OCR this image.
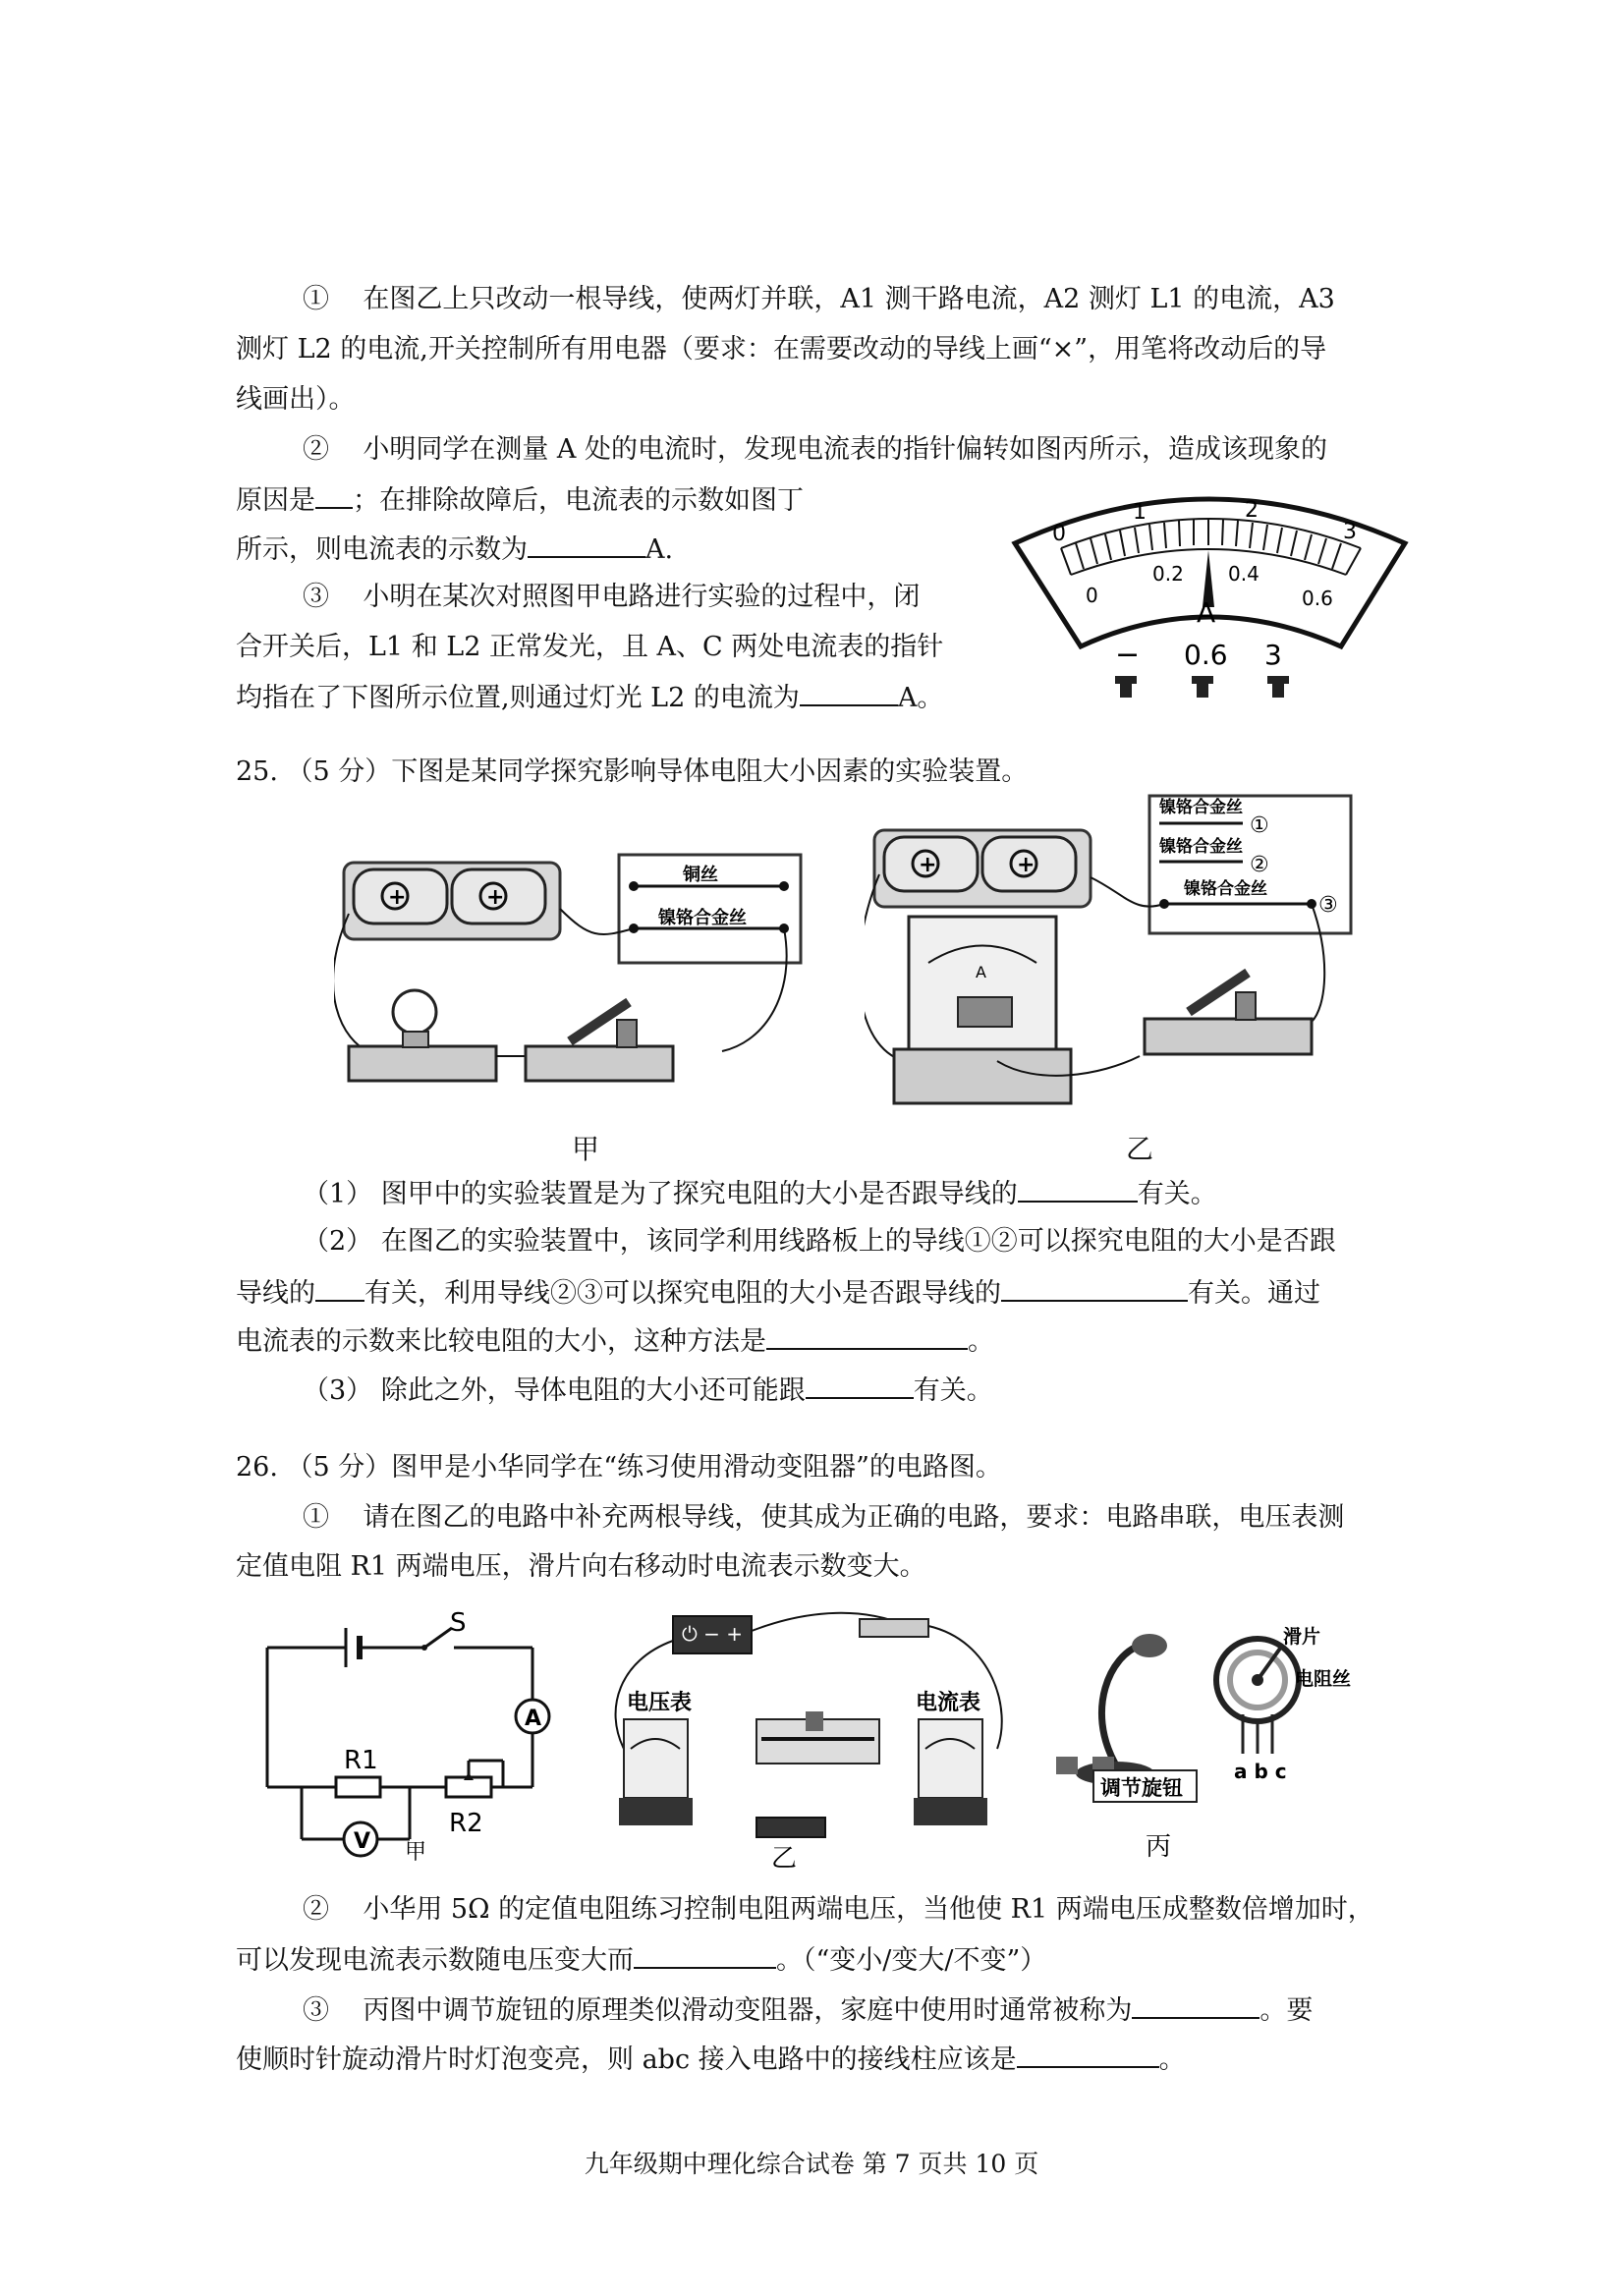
① 在图乙上只改动一根导线，使两灯并联，A1 测干路电流，A2 测灯 L1 的电流，A3
测灯 L2 的电流,开关控制所有用电器（要求：在需要改动的导线上画“×”，用笔将改动后的导
线画出）。
② 小明同学在测量 A 处的电流时，发现电流表的指针偏转如图丙所示，造成该现象的
原因是 ；在排除故障后，电流表的示数如图丁
所示，则电流表的示数为	A.
③ 小明在某次对照图甲电路进行实验的过程中，闭
合开关后，L1 和 L2 正常发光，且 A、C 两处电流表的指针
均指在了下图所示位置,则通过灯光 L2 的电流为	A。
0
1	2
3
0
0.2 0.4
0.6
A
− 0.6 3
25. （5 分）下图是某同学探究影响导体电阻大小因素的实验装置。
+	+
铜丝
镍铬合金丝
甲
+	+
镍铬合金丝
①
镍铬合金丝
②
镍铬合金丝
③
A
乙
（1） 图甲中的实验装置是为了探究电阻的大小是否跟导线的	有关。
（2） 在图乙的实验装置中，该同学利用线路板上的导线①②可以探究电阻的大小是否跟
导线的 有关，利用导线②③可以探究电阻的大小是否跟导线的	有关。通过
电流表的示数来比较电阻的大小，这种方法是	。
（3） 除此之外，导体电阻的大小还可能跟	有关。
26. （5 分）图甲是小华同学在“练习使用滑动变阻器”的电路图。
① 请在图乙的电路中补充两根导线，使其成为正确的电路，要求：电路串联，电压表测
定值电阻 R1 两端电压，滑片向右移动时电流表示数变大。
S
A
R1
R2
V 甲
⏻ − +
电压表	电流表
乙
调节旋钮
滑片
电阻丝
a b c
丙
② 小华用 5Ω 的定值电阻练习控制电阻两端电压，当他使 R1 两端电压成整数倍增加时，
可以发现电流表示数随电压变大而	。（“变小/变大/不变”）
③ 丙图中调节旋钮的原理类似滑动变阻器，家庭中使用时通常被称为	。要
使顺时针旋动滑片时灯泡变亮，则 abc 接入电路中的接线柱应该是	。
九年级期中理化综合试卷 第 7 页共 10 页
